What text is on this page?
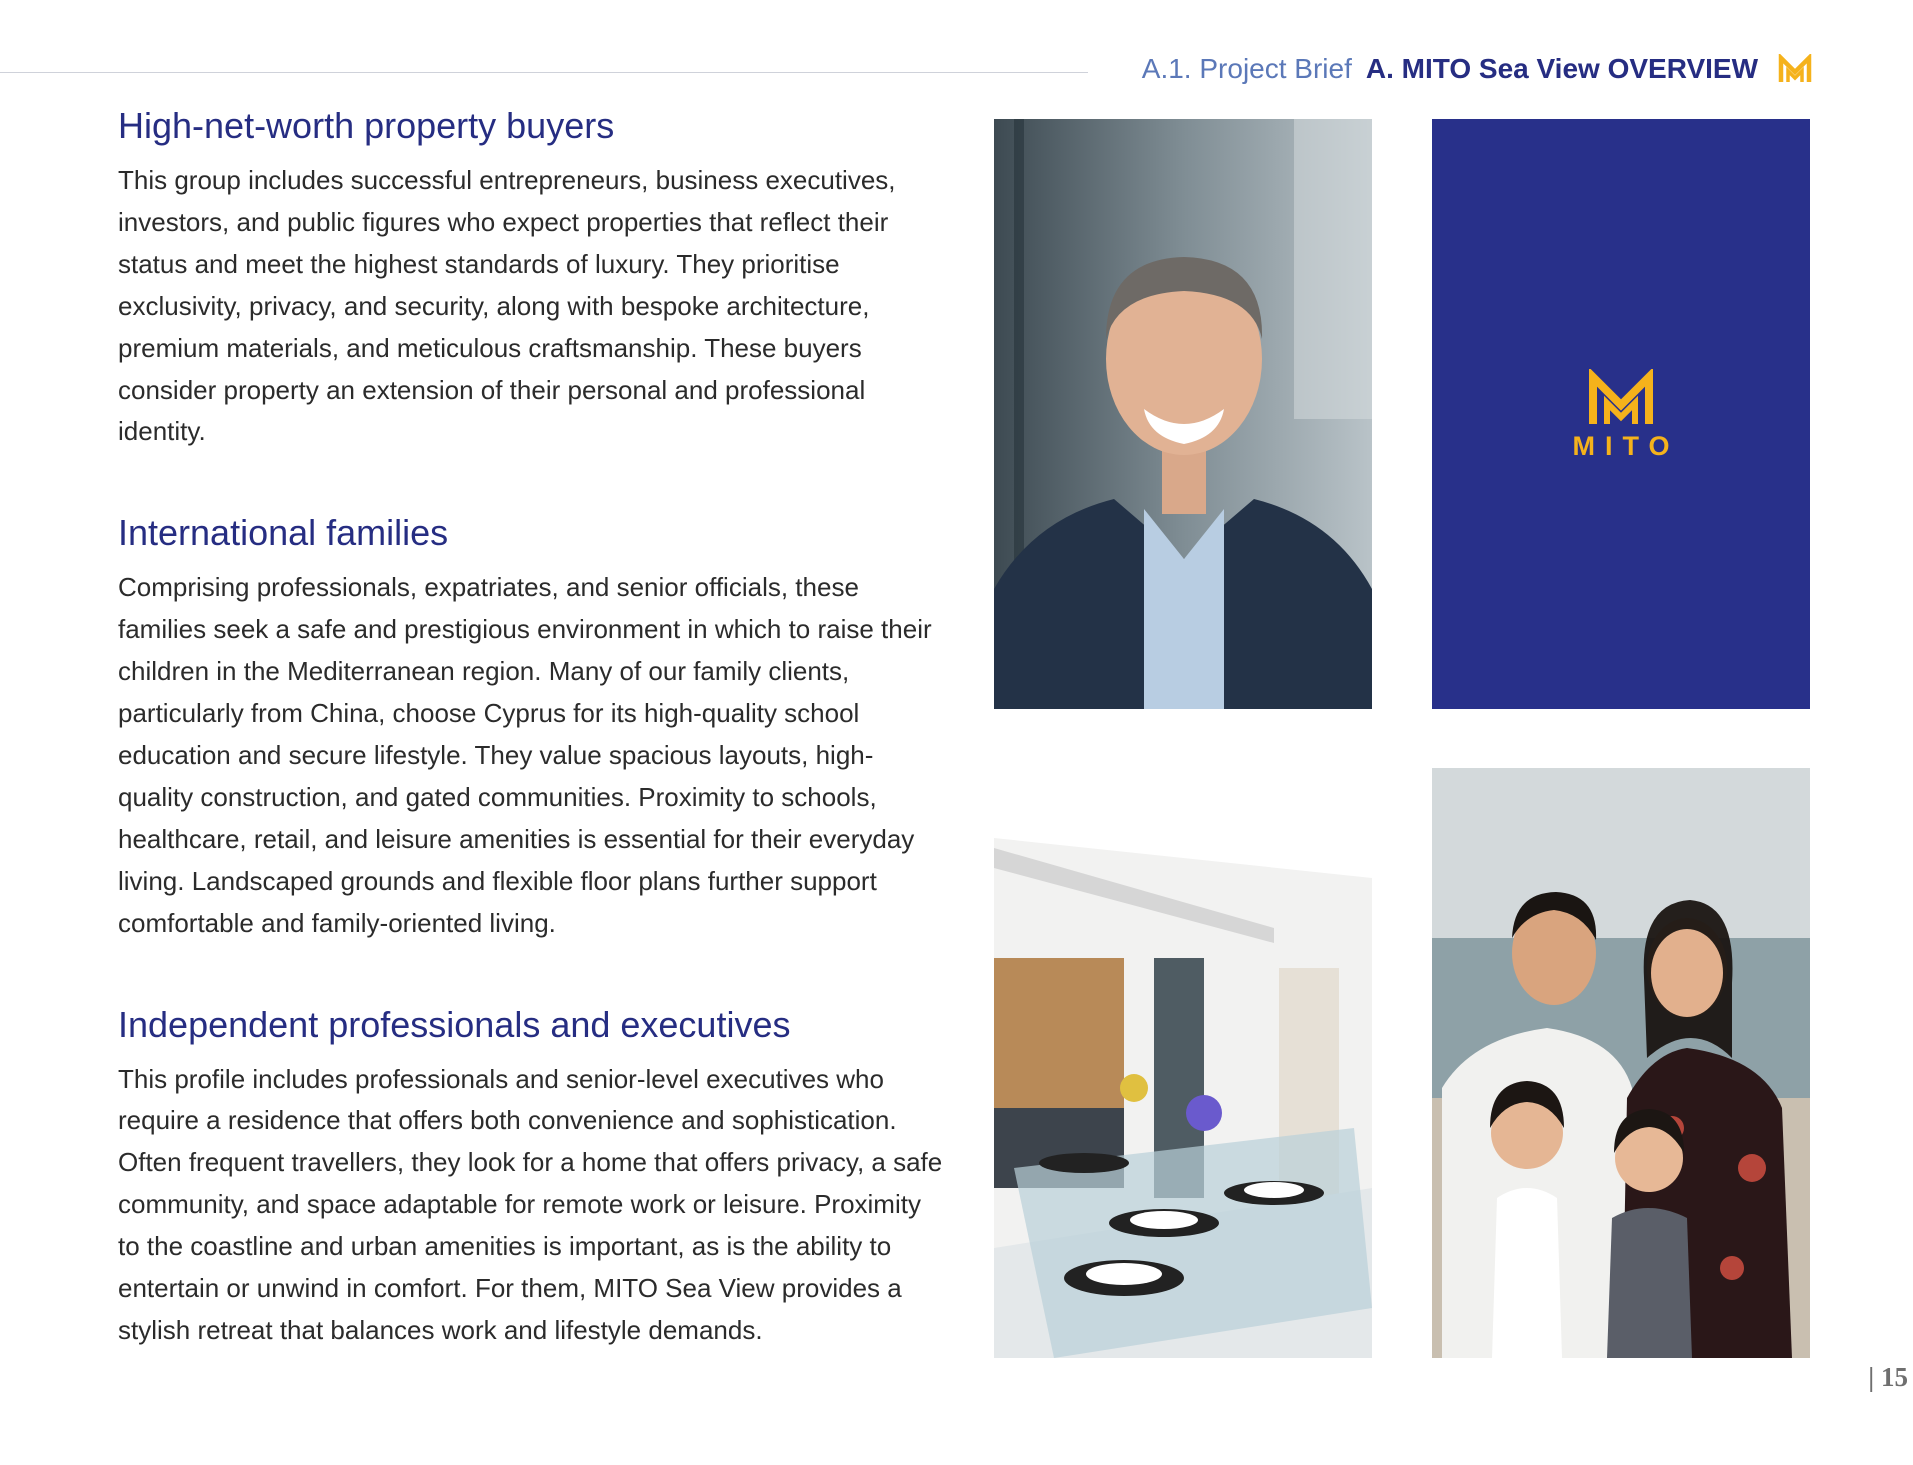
A.1. Project Brief A. MITO Sea View OVERVIEW
High-net-worth property buyers

This group includes successful entrepreneurs, business executives, investors, and public figures who expect properties that reflect their status and meet the highest standards of luxury. They prioritise exclusivity, privacy, and security, along with bespoke architecture, premium materials, and meticulous craftsmanship. These buyers consider property an extension of their personal and professional identity.

International families

Comprising professionals, expatriates, and senior officials, these families seek a safe and prestigious environment in which to raise their children in the Mediterranean region. Many of our family clients, particularly from China, choose Cyprus for its high-quality school education and secure lifestyle. They value spacious layouts, high-quality construction, and gated communities. Proximity to schools, healthcare, retail, and leisure amenities is essential for their everyday living. Landscaped grounds and flexible floor plans further support comfortable and family-oriented living.

Independent professionals and executives

This profile includes professionals and senior-level executives who require a residence that offers both convenience and sophistication. Often frequent travellers, they look for a home that offers privacy, a safe community, and space adaptable for remote work or leisure. Proximity to the coastline and urban amenities is important, as is the ability to entertain or unwind in comfort. For them, MITO Sea View provides a stylish retreat that balances work and lifestyle demands.

MITO
| 15
